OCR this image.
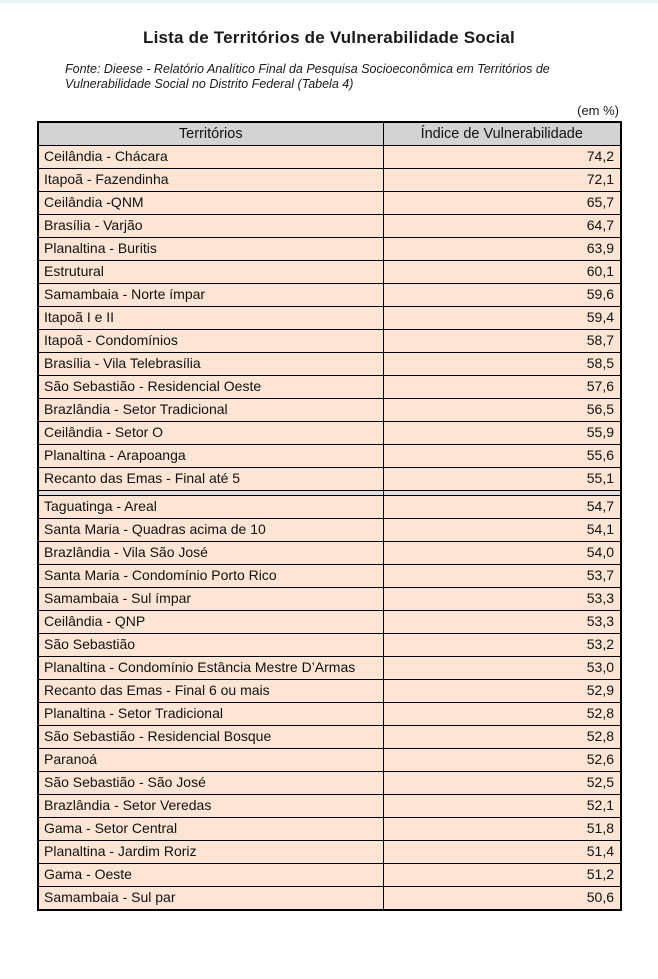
Lista de Territórios de Vulnerabilidade Social
Fonte: Dieese - Relatório Analítico Final da Pesquisa Socioeconômica em Territórios de
Vulnerabilidade Social no Distrito Federal (Tabela 4)
(em %)
Territórios	Índice de Vulnerabilidade
Ceilândia - Chácara	74,2
Itapoã - Fazendinha	72,1
Ceilândia -QNM	65,7
Brasília - Varjão	64,7
Planaltina - Buritis	63,9
Estrutural	60,1
Samambaia - Norte ímpar	59,6
Itapoã I e II	59,4
Itapoã - Condomínios	58,7
Brasília - Vila Telebrasília	58,5
São Sebastião - Residencial Oeste	57,6
Brazlândia - Setor Tradicional	56,5
Ceilândia - Setor O	55,9
Planaltina - Arapoanga	55,6
Recanto das Emas - Final até 5	55,1

Taguatinga - Areal	54,7
Santa Maria - Quadras acima de 10	54,1
Brazlândia - Vila São José	54,0
Santa Maria - Condomínio Porto Rico	53,7
Samambaia - Sul ímpar	53,3
Ceilândia - QNP	53,3
São Sebastião	53,2
Planaltina - Condomínio Estância Mestre D’Armas	53,0
Recanto das Emas - Final 6 ou mais	52,9
Planaltina - Setor Tradicional	52,8
São Sebastião - Residencial Bosque	52,8
Paranoá	52,6
São Sebastião - São José	52,5
Brazlândia - Setor Veredas	52,1
Gama - Setor Central	51,8
Planaltina - Jardim Roriz	51,4
Gama - Oeste	51,2
Samambaia - Sul par	50,6
